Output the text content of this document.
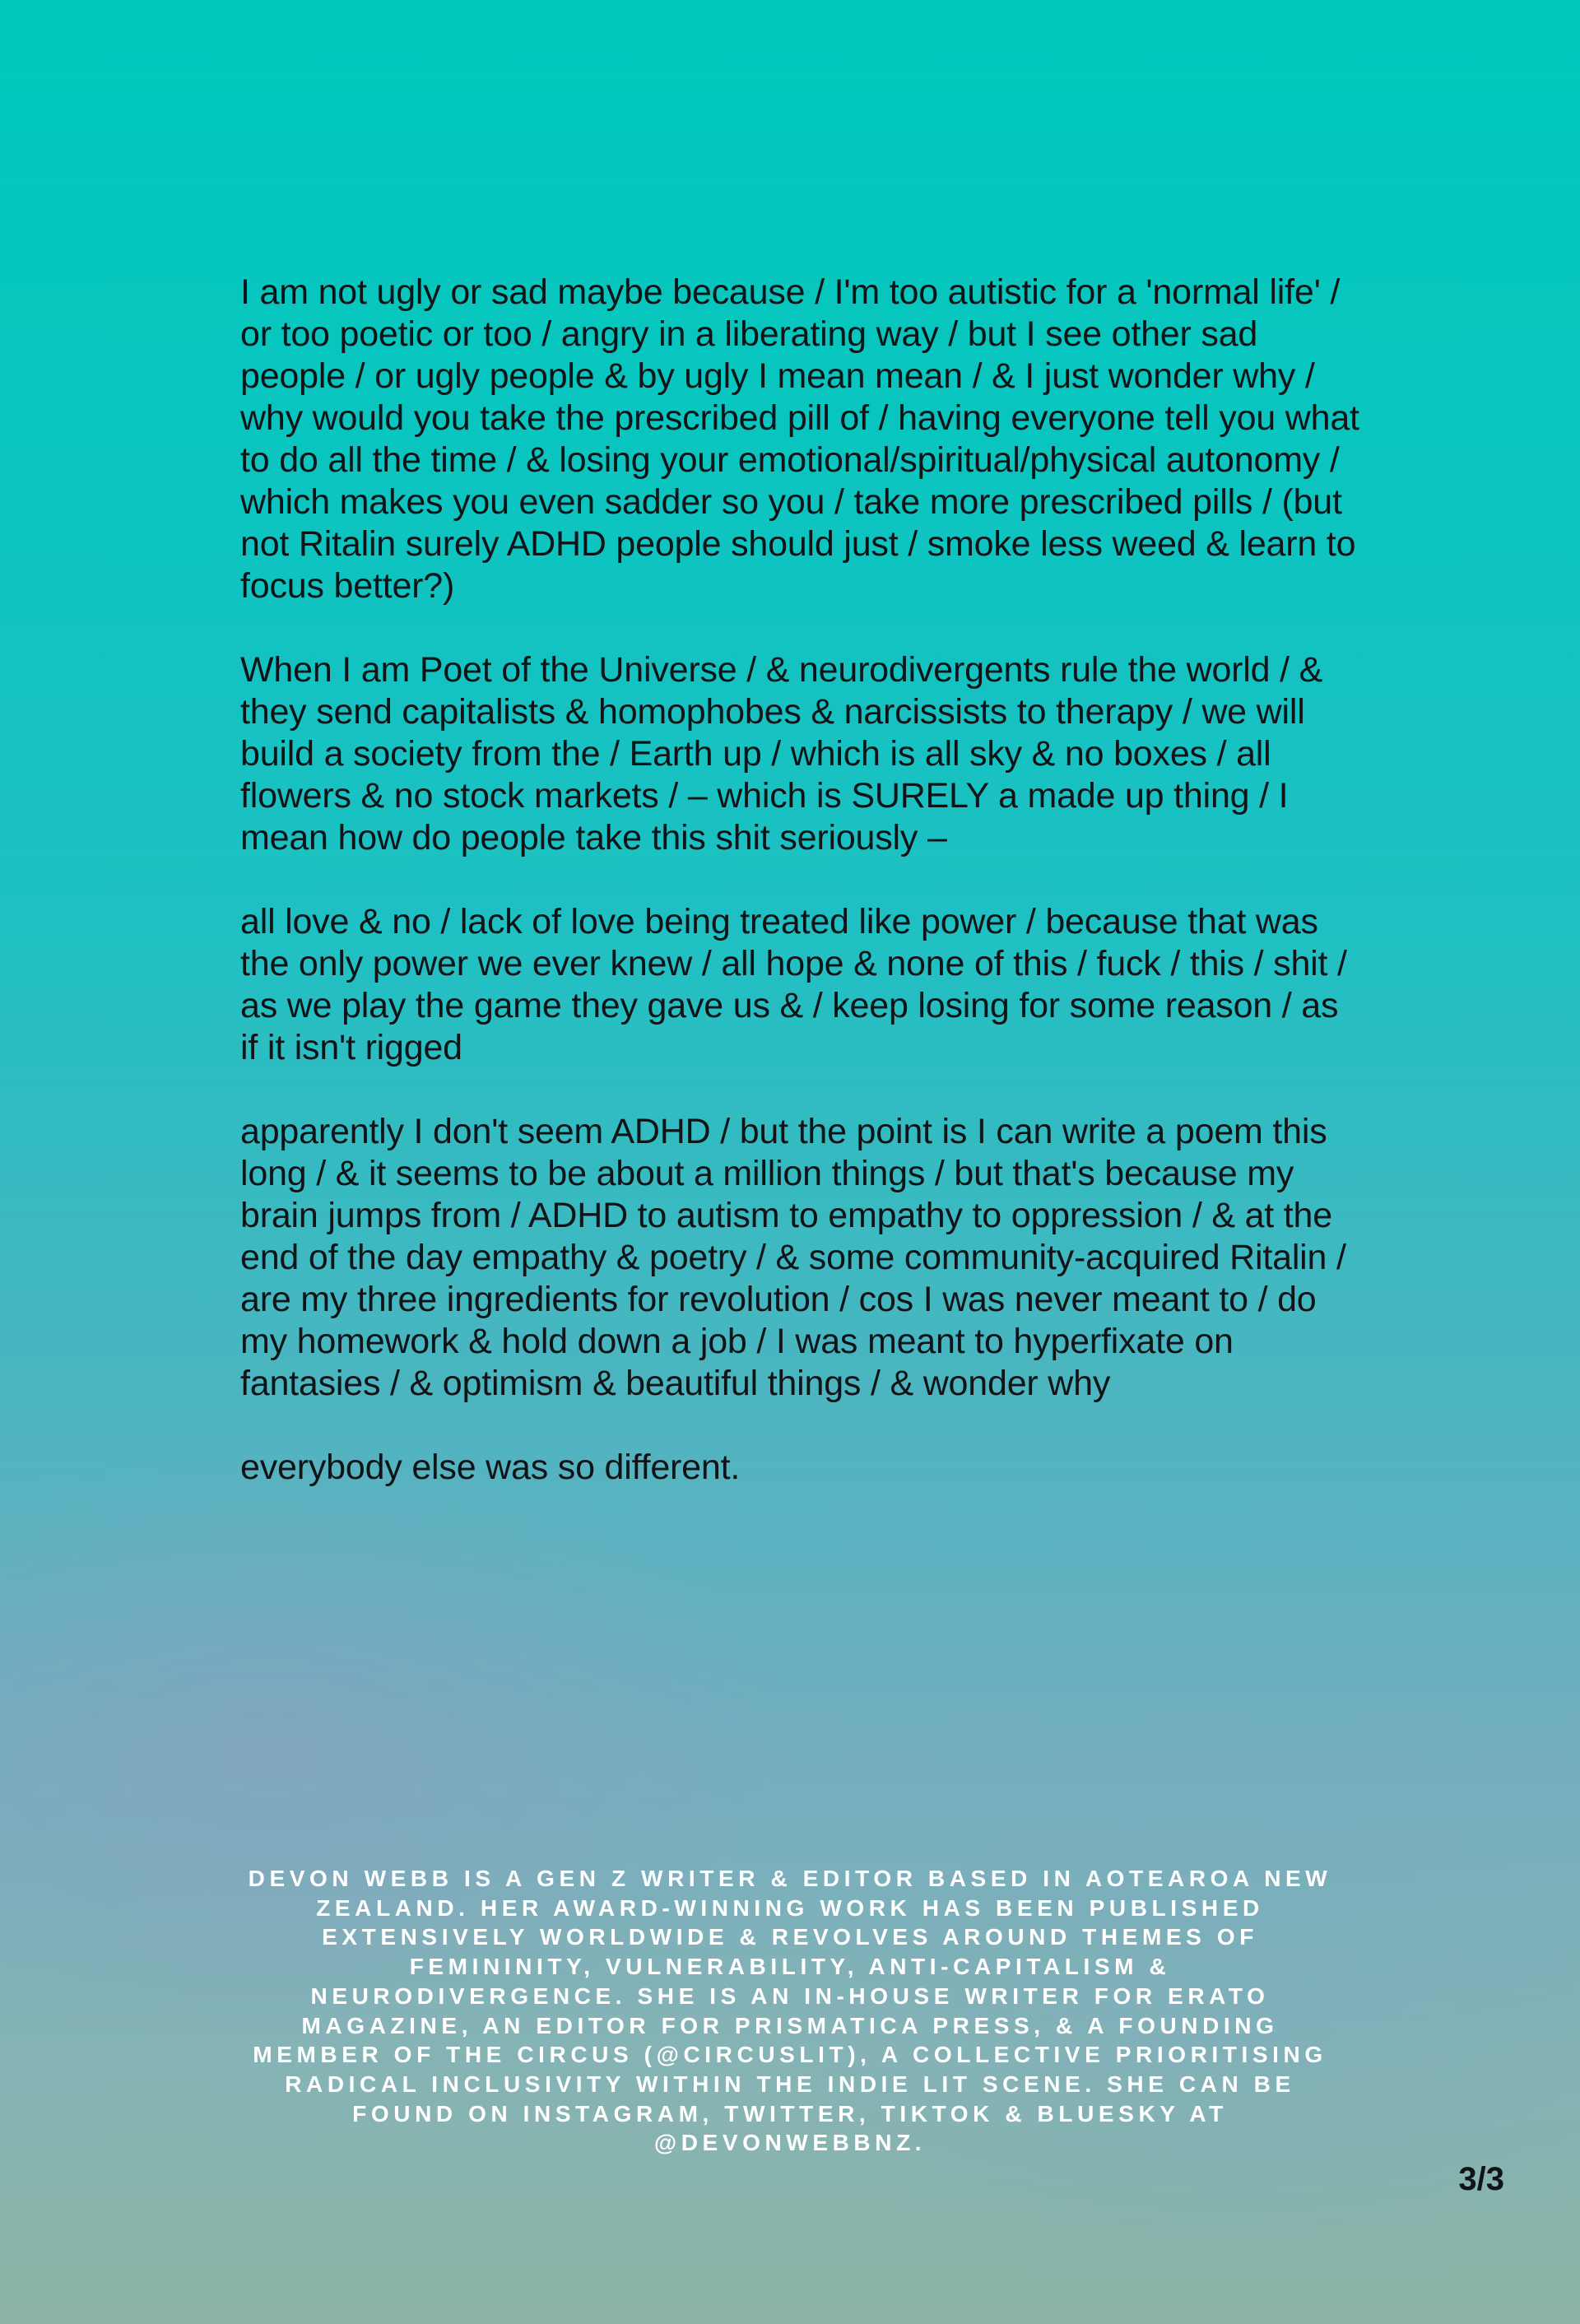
I am not ugly or sad maybe because / I'm too autistic for a 'normal life' / or too poetic or too / angry in a liberating way / but I see other sad people / or ugly people & by ugly I mean mean / & I just wonder why / why would you take the prescribed pill of / having everyone tell you what to do all the time / & losing your emotional/spiritual/physical autonomy / which makes you even sadder so you / take more prescribed pills / (but not Ritalin surely ADHD people should just / smoke less weed & learn to focus better?)

When I am Poet of the Universe / & neurodivergents rule the world / & they send capitalists & homophobes & narcissists to therapy / we will build a society from the / Earth up / which is all sky & no boxes / all flowers & no stock markets / – which is SURELY a made up thing / I mean how do people take this shit seriously –

all love & no / lack of love being treated like power / because that was the only power we ever knew / all hope & none of this / fuck / this / shit / as we play the game they gave us & / keep losing for some reason / as if it isn't rigged

apparently I don't seem ADHD / but the point is I can write a poem this long / & it seems to be about a million things / but that's because my brain jumps from / ADHD to autism to empathy to oppression / & at the end of the day empathy & poetry / & some community-acquired Ritalin / are my three ingredients for revolution / cos I was never meant to / do my homework & hold down a job / I was meant to hyperfixate on fantasies / & optimism & beautiful things / & wonder why

everybody else was so different.

DEVON WEBB IS A GEN Z WRITER & EDITOR BASED IN AOTEAROA NEW ZEALAND. HER AWARD-WINNING WORK HAS BEEN PUBLISHED EXTENSIVELY WORLDWIDE & REVOLVES AROUND THEMES OF FEMININITY, VULNERABILITY, ANTI-CAPITALISM & NEURODIVERGENCE. SHE IS AN IN-HOUSE WRITER FOR ERATO MAGAZINE, AN EDITOR FOR PRISMATICA PRESS, & A FOUNDING MEMBER OF THE CIRCUS (@CIRCUSLIT), A COLLECTIVE PRIORITISING RADICAL INCLUSIVITY WITHIN THE INDIE LIT SCENE. SHE CAN BE FOUND ON INSTAGRAM, TWITTER, TIKTOK & BLUESKY AT @DEVONWEBBNZ.
3/3
